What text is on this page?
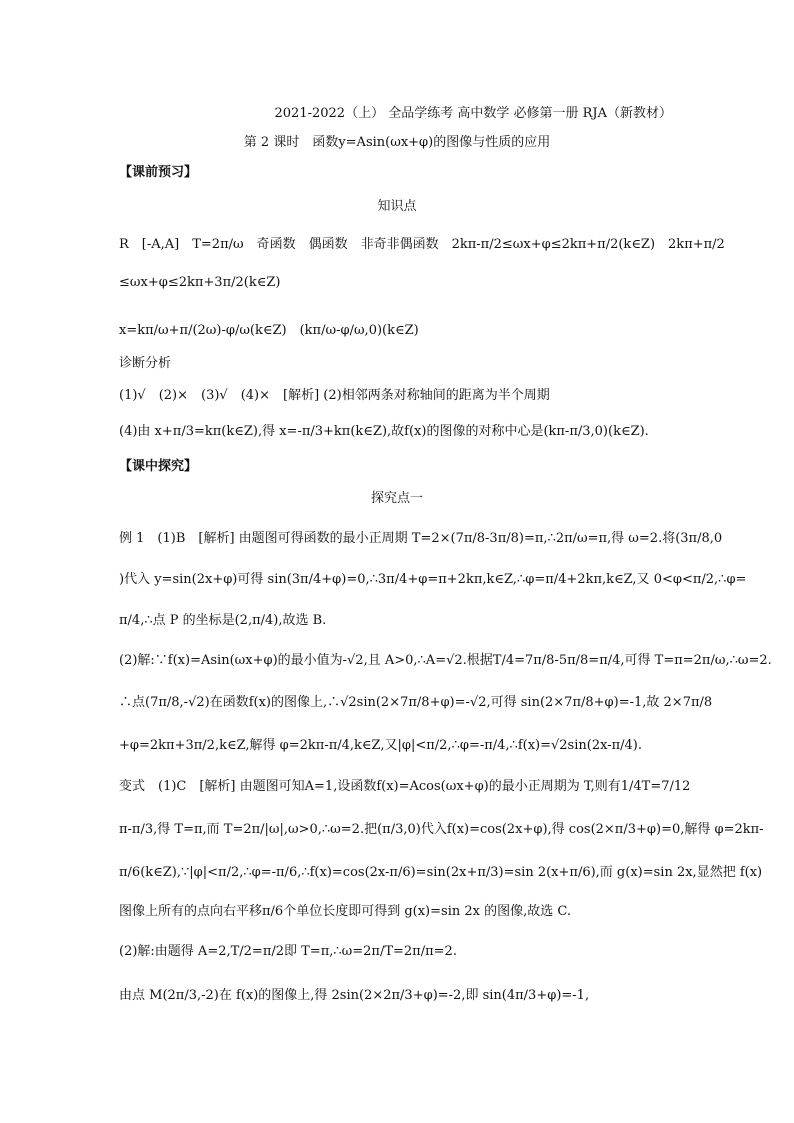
2021-2022（上） 全品学练考 高中数学 必修第一册 RJA（新教材）
第 2 课时　函数y=Asin(ωx+φ)的图像与性质的应用
【课前预习】
知识点
R　[-A,A]　T=2π/ω　奇函数　偶函数　非奇非偶函数　2kπ-π/2≤ωx+φ≤2kπ+π/2(k∈Z)　2kπ+π/2
≤ωx+φ≤2kπ+3π/2(k∈Z)
x=kπ/ω+π/(2ω)-φ/ω(k∈Z)　(kπ/ω-φ/ω,0)(k∈Z)
诊断分析
(1)√　(2)×　(3)√　(4)×　[解析] (2)相邻两条对称轴间的距离为半个周期
(4)由 x+π/3=kπ(k∈Z),得 x=-π/3+kπ(k∈Z),故f(x)的图像的对称中心是(kπ-π/3,0)(k∈Z).
【课中探究】
探究点一
例 1　(1)B　[解析] 由题图可得函数的最小正周期 T=2×(7π/8-3π/8)=π,∴2π/ω=π,得 ω=2.将(3π/8,0
)代入 y=sin(2x+φ)可得 sin(3π/4+φ)=0,∴3π/4+φ=π+2kπ,k∈Z,∴φ=π/4+2kπ,k∈Z,又 0<φ<π/2,∴φ=
π/4,∴点 P 的坐标是(2,π/4),故选 B.
(2)解:∵f(x)=Asin(ωx+φ)的最小值为-√2,且 A>0,∴A=√2.根据T/4=7π/8-5π/8=π/4,可得 T=π=2π/ω,∴ω=2.
∴点(7π/8,-√2)在函数f(x)的图像上,∴√2sin(2×7π/8+φ)=-√2,可得 sin(2×7π/8+φ)=-1,故 2×7π/8
+φ=2kπ+3π/2,k∈Z,解得 φ=2kπ-π/4,k∈Z,又|φ|<π/2,∴φ=-π/4,∴f(x)=√2sin(2x-π/4).
变式　(1)C　[解析] 由题图可知A=1,设函数f(x)=Acos(ωx+φ)的最小正周期为 T,则有1/4T=7/12
π-π/3,得 T=π,而 T=2π/|ω|,ω>0,∴ω=2.把(π/3,0)代入f(x)=cos(2x+φ),得 cos(2×π/3+φ)=0,解得 φ=2kπ-
π/6(k∈Z),∵|φ|<π/2,∴φ=-π/6,∴f(x)=cos(2x-π/6)=sin(2x+π/3)=sin 2(x+π/6),而 g(x)=sin 2x,显然把 f(x)
图像上所有的点向右平移π/6个单位长度即可得到 g(x)=sin 2x 的图像,故选 C.
(2)解:由题得 A=2,T/2=π/2即 T=π,∴ω=2π/T=2π/π=2.
由点 M(2π/3,-2)在 f(x)的图像上,得 2sin(2×2π/3+φ)=-2,即 sin(4π/3+φ)=-1,
